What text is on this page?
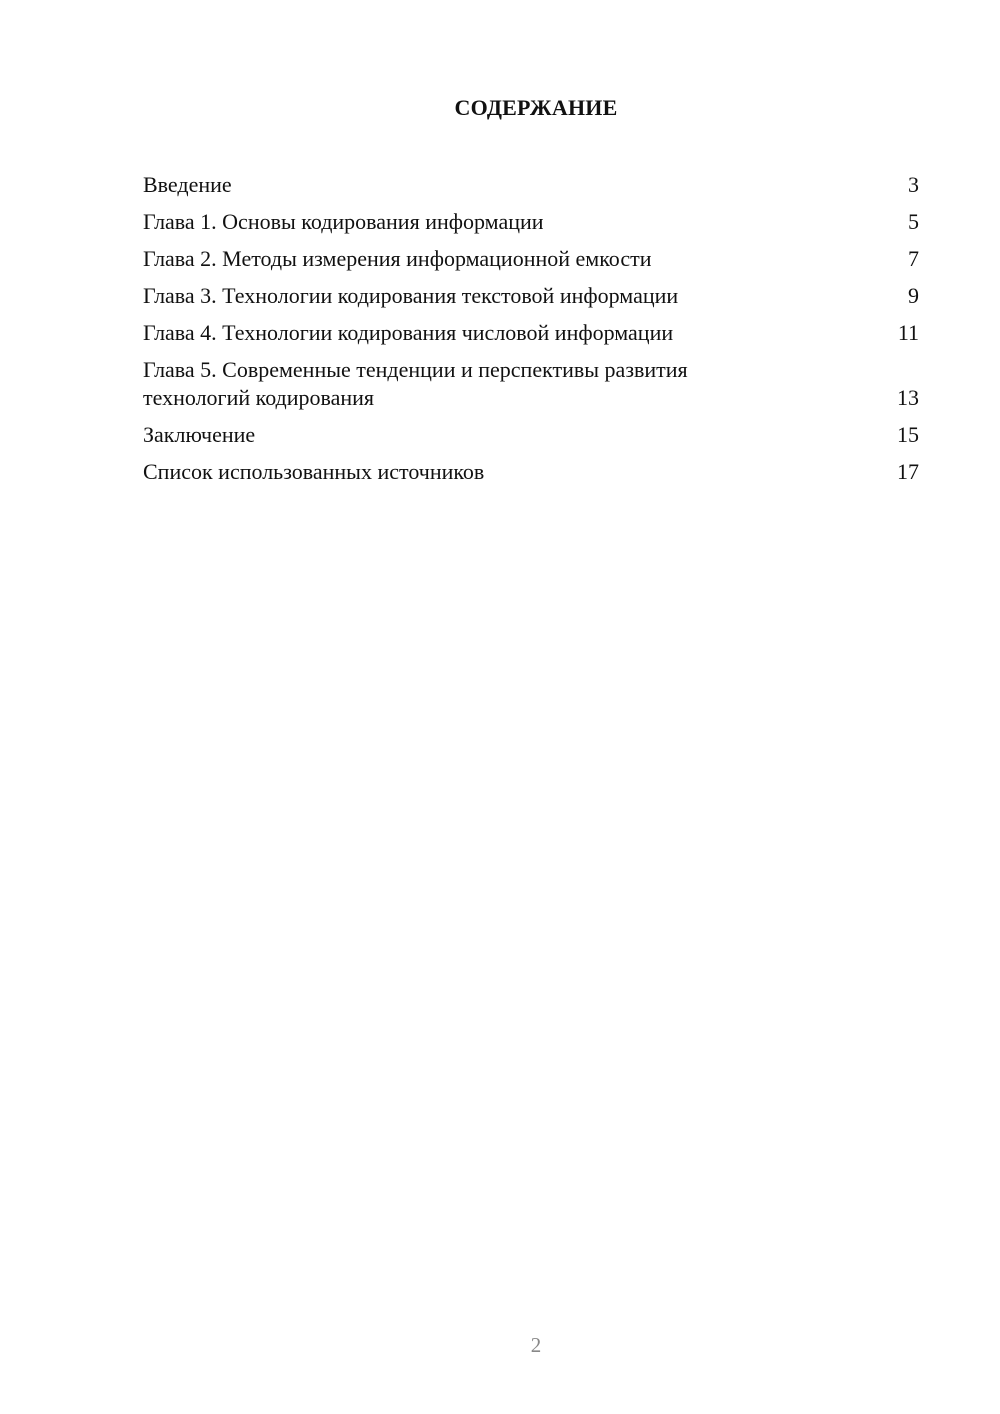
СОДЕРЖАНИЕ
Введение	3
Глава 1. Основы кодирования информации	5
Глава 2. Методы измерения информационной емкости	7
Глава 3. Технологии кодирования текстовой информации	9
Глава 4. Технологии кодирования числовой информации	11
Глава 5. Современные тенденции и перспективы развития технологий кодирования	13
Заключение	15
Список использованных источников	17
2
